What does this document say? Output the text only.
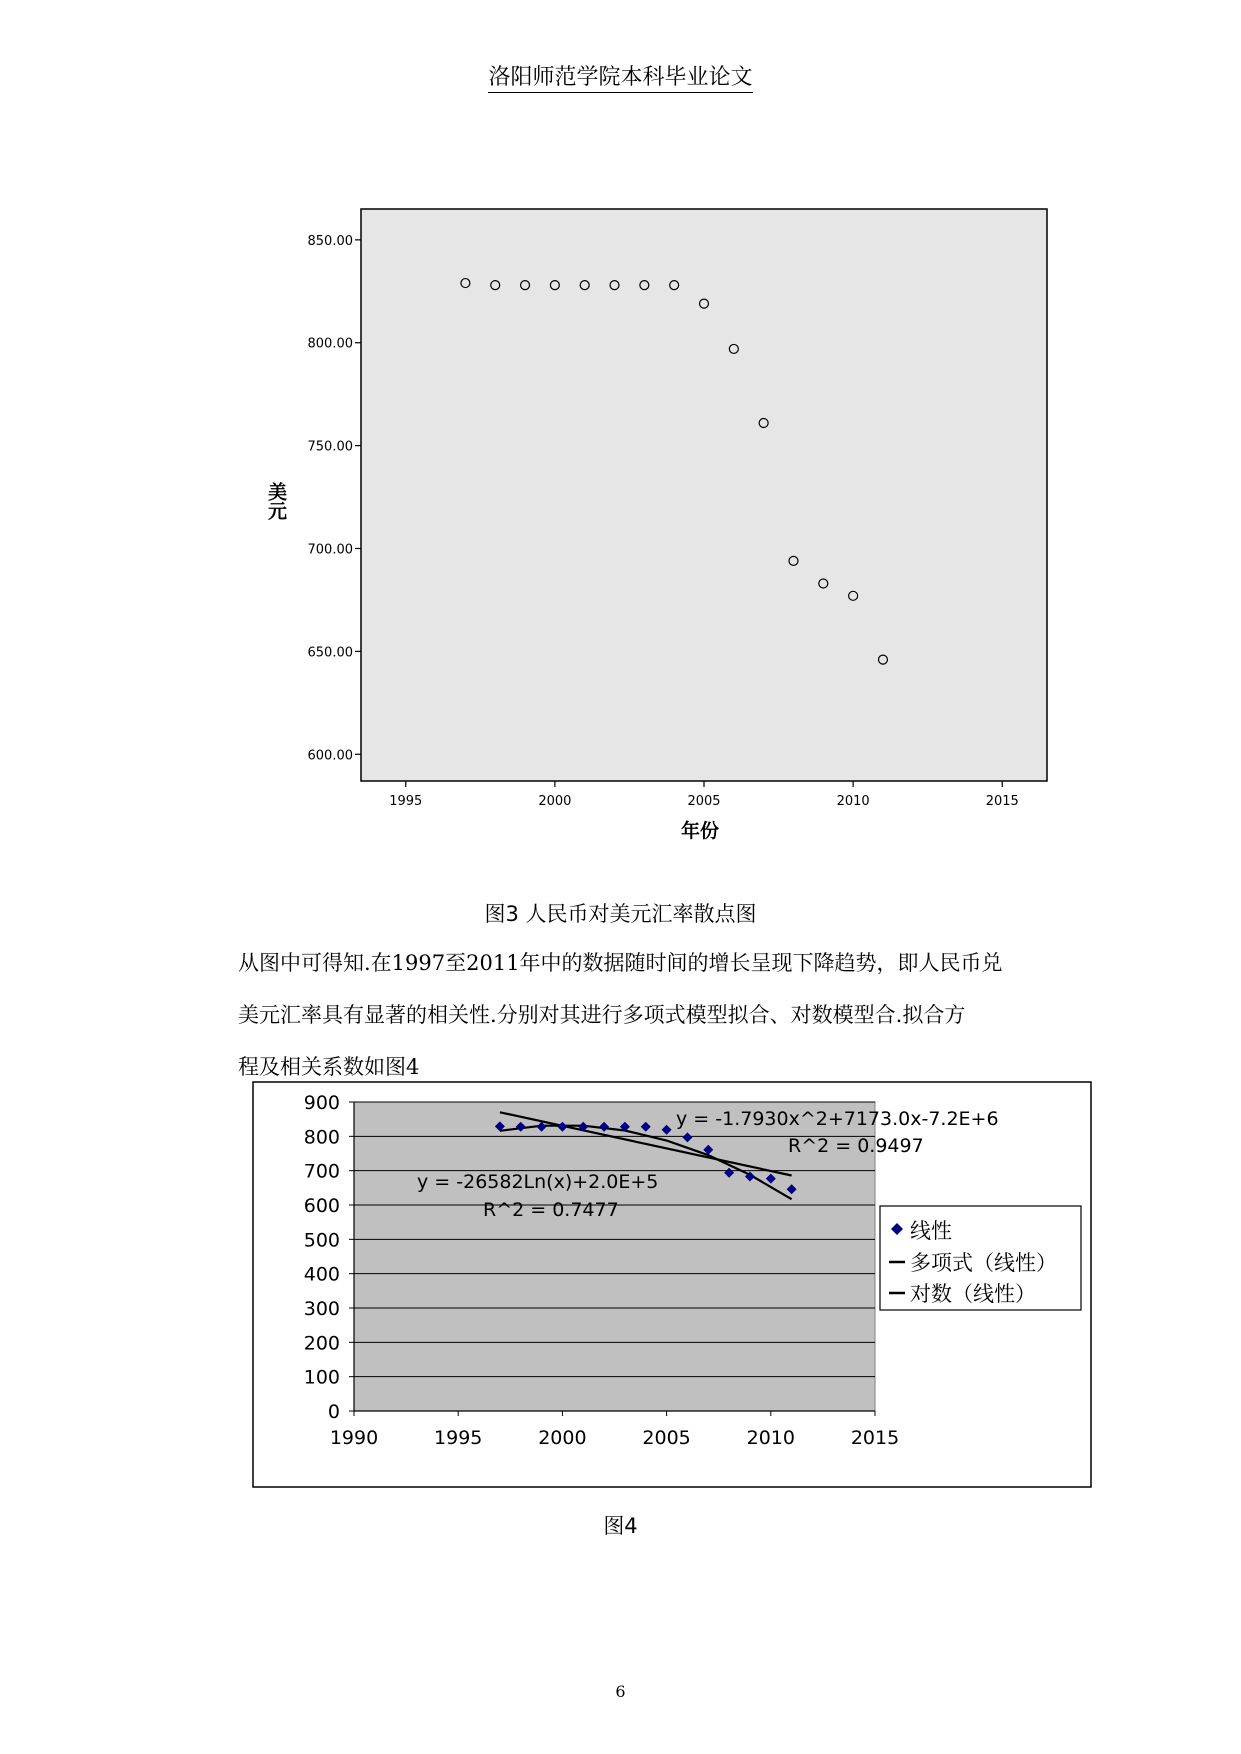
洛阳师范学院本科毕业论文
600.00
650.00
700.00
750.00
800.00
850.00
1995	2000	2005	2010	2015
美元
年份
图3 人民币对美元汇率散点图

从图中可得知.在1997至2011年中的数据随时间的增长呈现下降趋势，即人民币兑

美元汇率具有显著的相关性.分别对其进行多项式模型拟合、对数模型合.拟合方

程及相关系数如图4

0
100
200
300
400
500
600
700
800
900
1990	1995	2000	2005	2010	2015
y = -1.7930x^2+7173.0x-7.2E+6
R^2 = 0.9497
y = -26582Ln(x)+2.0E+5
R^2 = 0.7477
线性
多项式（线性）
对数（线性）
图4
6
